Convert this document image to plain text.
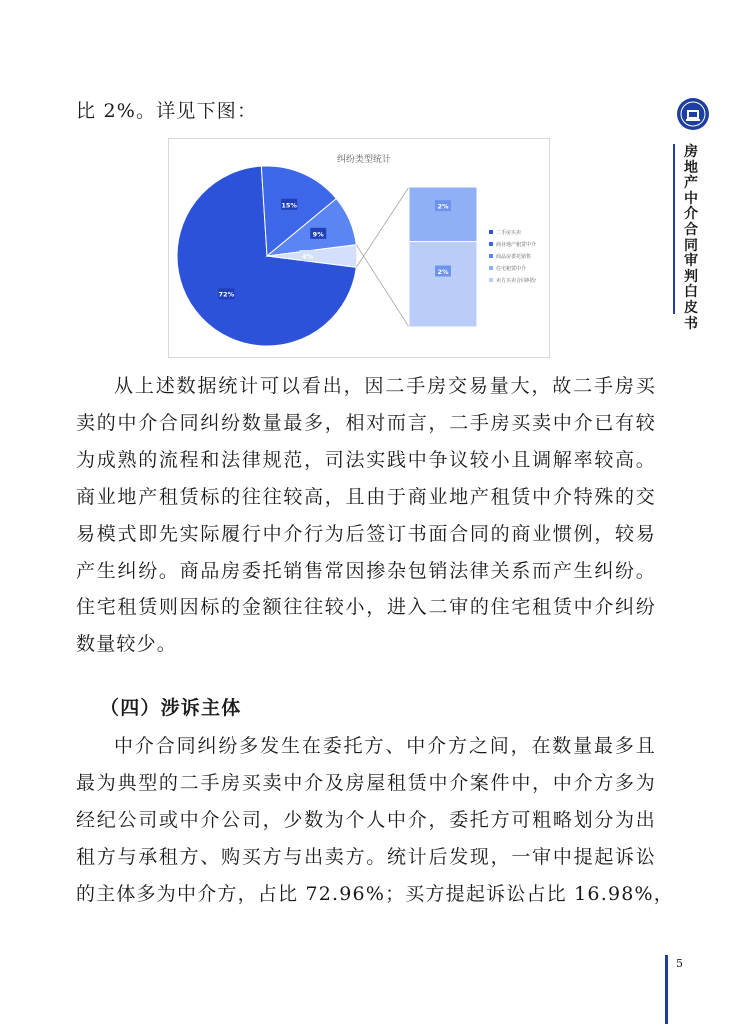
比 2%。详见下图：
纠纷类型统计
72%
15%
9%
4%
2%
2%
二手房买卖
商业地产租赁中介
商品房委托销售
住宅租赁中介
卖方买卖合同纠纷
从上述数据统计可以看出，因二手房交易量大，故二手房买
卖的中介合同纠纷数量最多，相对而言，二手房买卖中介已有较
为成熟的流程和法律规范，司法实践中争议较小且调解率较高。
商业地产租赁标的往往较高，且由于商业地产租赁中介特殊的交
易模式即先实际履行中介行为后签订书面合同的商业惯例，较易
产生纠纷。商品房委托销售常因掺杂包销法律关系而产生纠纷。
住宅租赁则因标的金额往往较小，进入二审的住宅租赁中介纠纷
数量较少。
（四）涉诉主体
中介合同纠纷多发生在委托方、中介方之间，在数量最多且
最为典型的二手房买卖中介及房屋租赁中介案件中，中介方多为
经纪公司或中介公司，少数为个人中介，委托方可粗略划分为出
租方与承租方、购买方与出卖方。统计后发现，一审中提起诉讼
的主体多为中介方，占比 72.96%；买方提起诉讼占比 16.98%，
房地产中介合同审判白皮书
5
